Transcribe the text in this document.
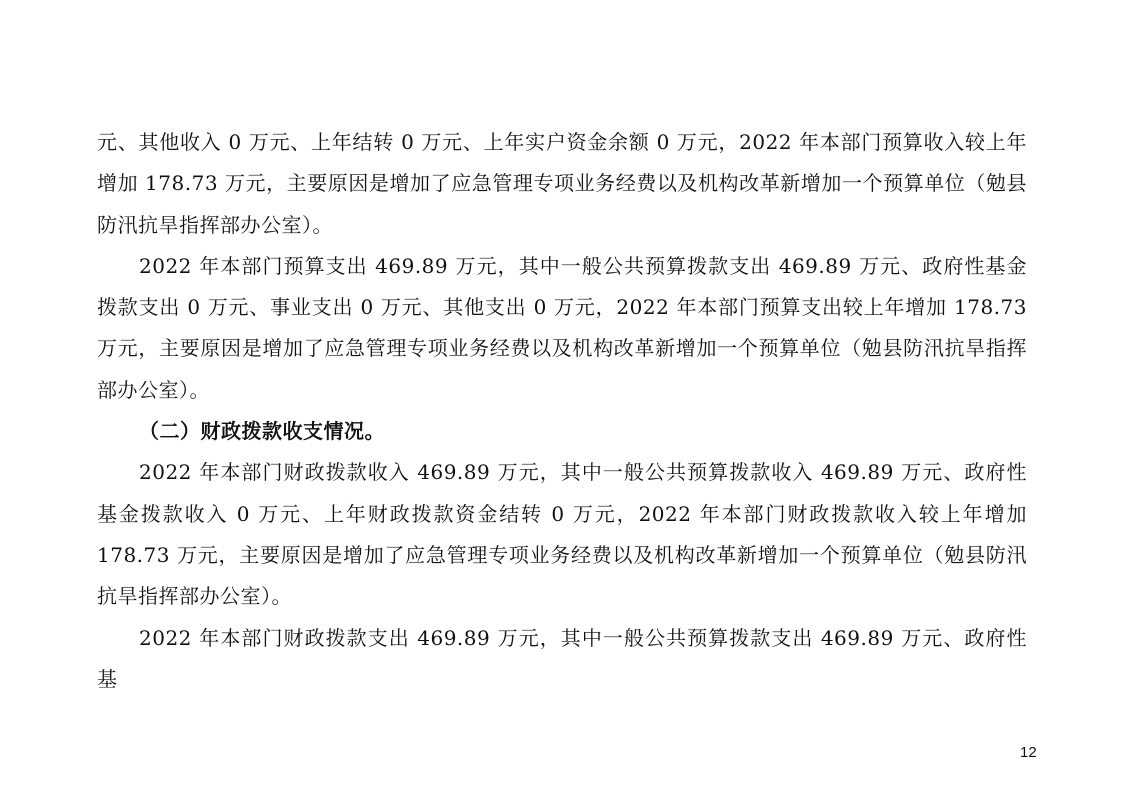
元、其他收入 0 万元、上年结转 0 万元、上年实户资金余额 0 万元，2022 年本部门预算收入较上年增加 178.73 万元，主要原因是增加了应急管理专项业务经费以及机构改革新增加一个预算单位（勉县防汛抗旱指挥部办公室）。

2022 年本部门预算支出 469.89 万元，其中一般公共预算拨款支出 469.89 万元、政府性基金拨款支出 0 万元、事业支出 0 万元、其他支出 0 万元，2022 年本部门预算支出较上年增加 178.73 万元，主要原因是增加了应急管理专项业务经费以及机构改革新增加一个预算单位（勉县防汛抗旱指挥部办公室）。

（二）财政拨款收支情况。

2022 年本部门财政拨款收入 469.89 万元，其中一般公共预算拨款收入 469.89 万元、政府性基金拨款收入 0 万元、上年财政拨款资金结转 0 万元，2022 年本部门财政拨款收入较上年增加 178.73 万元，主要原因是增加了应急管理专项业务经费以及机构改革新增加一个预算单位（勉县防汛抗旱指挥部办公室）。

2022 年本部门财政拨款支出 469.89 万元，其中一般公共预算拨款支出 469.89 万元、政府性基

12
